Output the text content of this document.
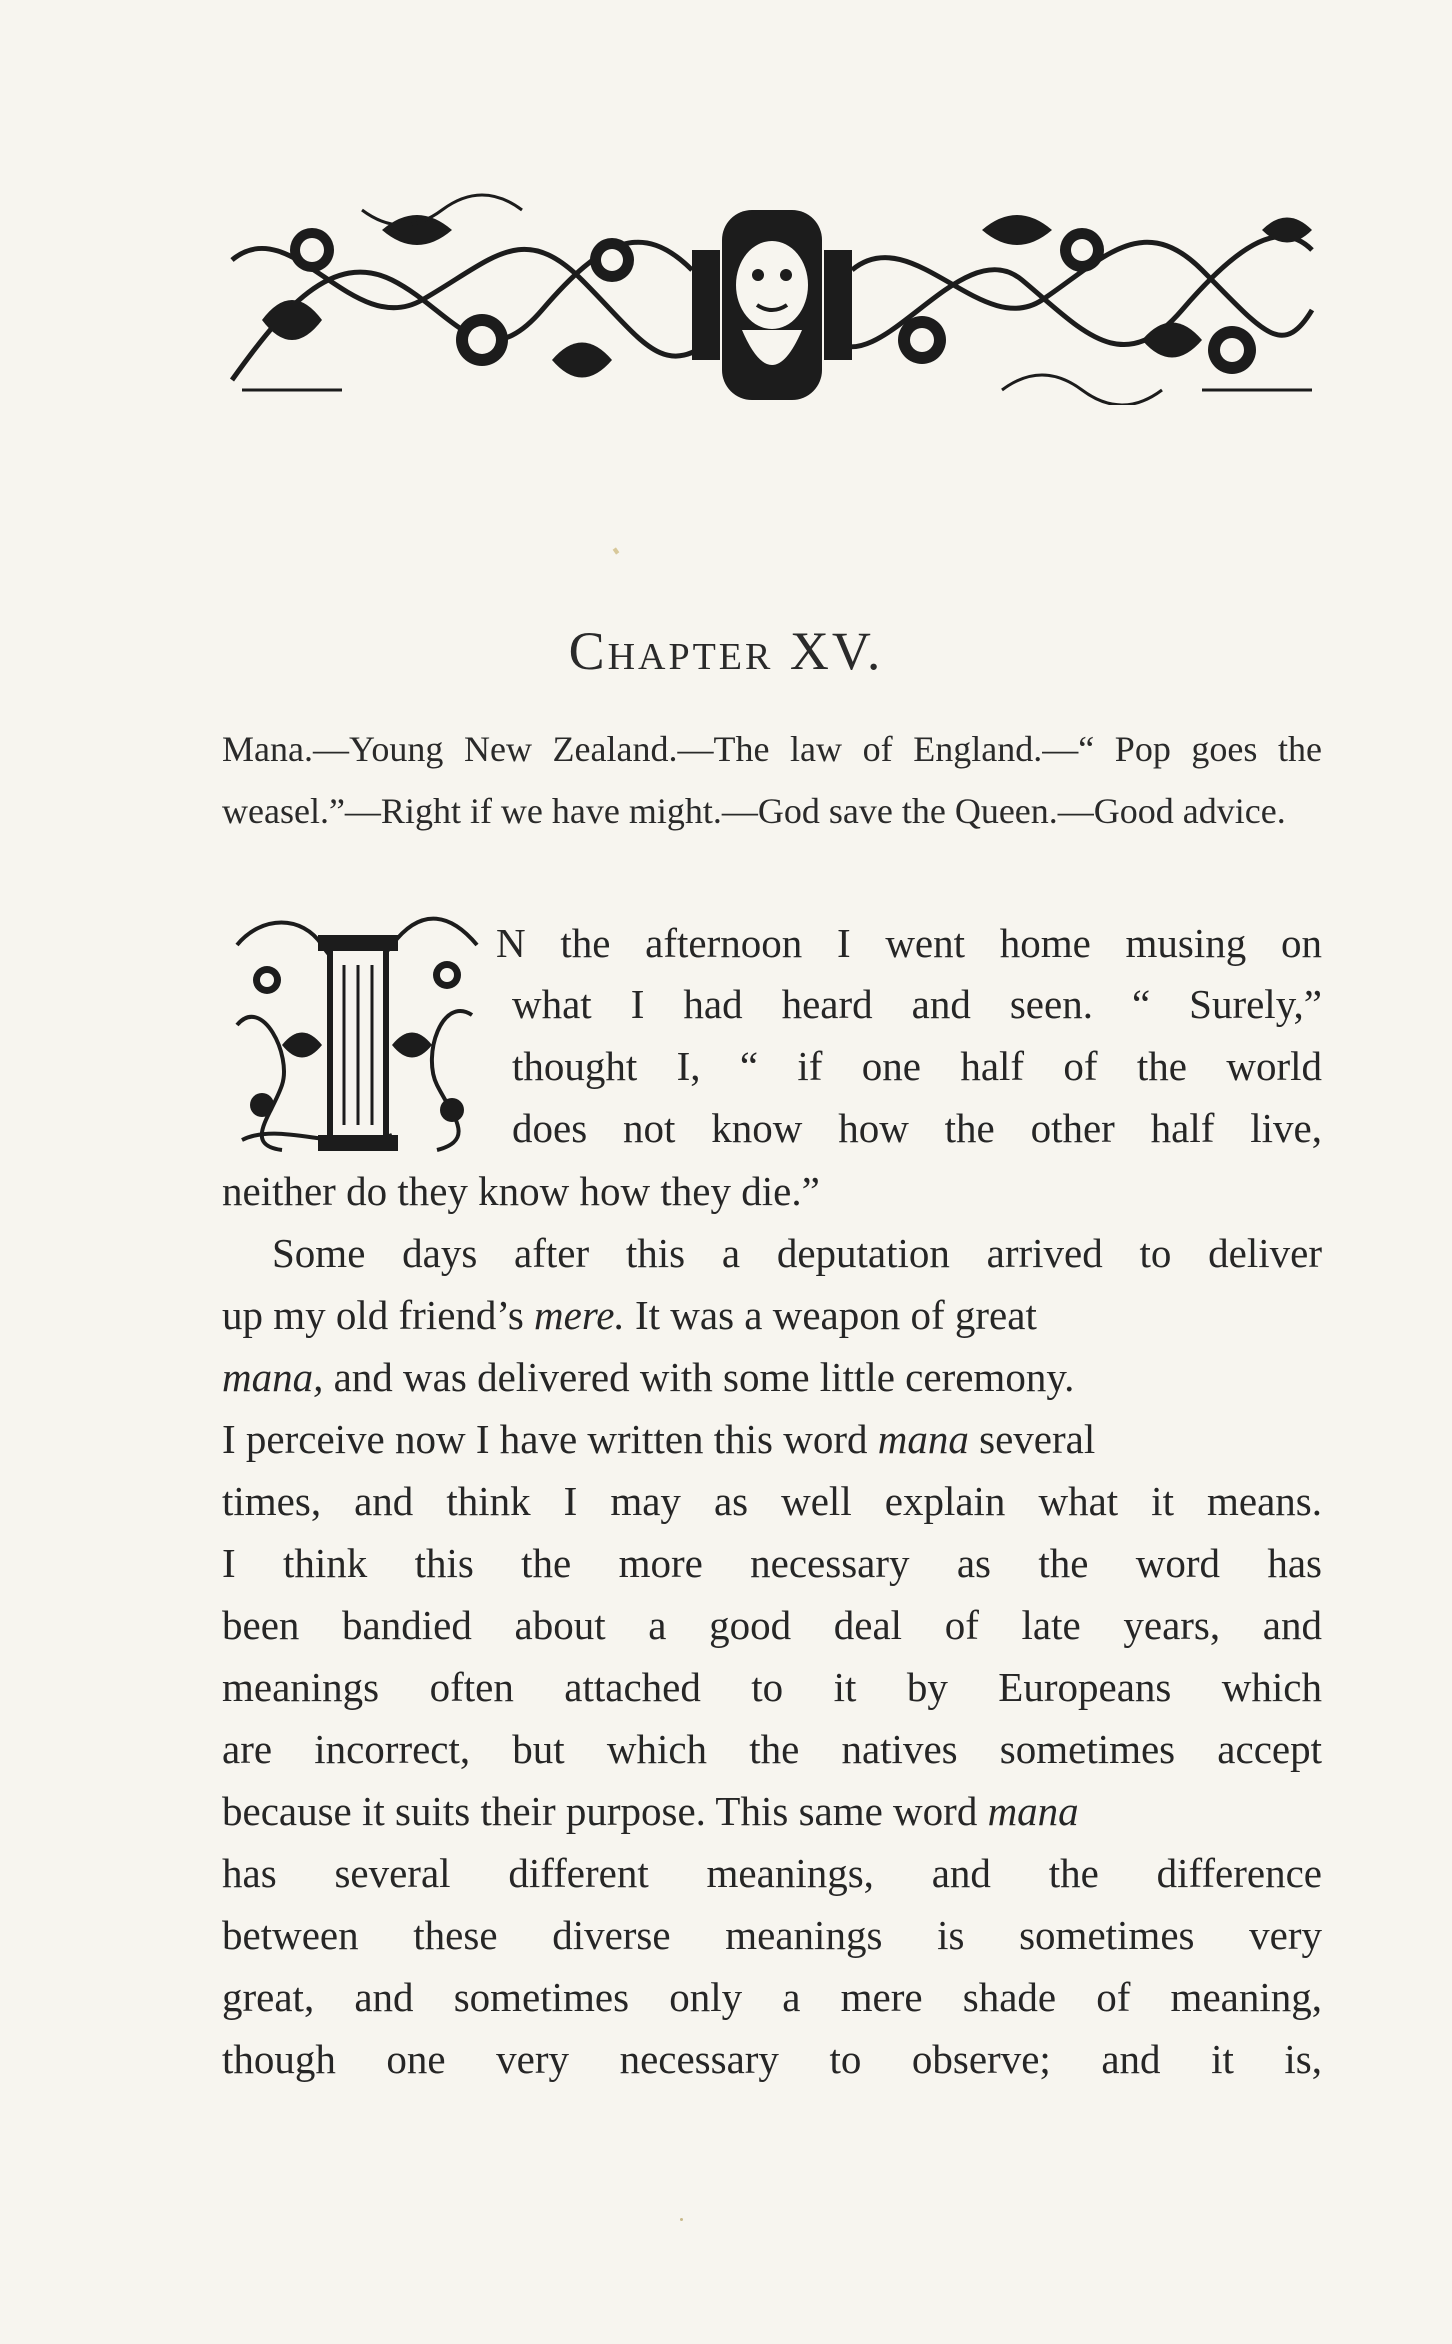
Chapter XV.
Mana.—Young New Zealand.—The law of England.—“ Pop goes the weasel.”—Right if we have might.—God save the Queen.—Good advice.
I
N the afternoon I went home musing on
what I had heard and seen. “ Surely,”
thought I, “ if one half of the world
does not know how the other half live,
neither do they know how they die.”
Some days after this a deputation arrived to deliver
up my old friend’s mere. It was a weapon of great
mana, and was delivered with some little ceremony.
I perceive now I have written this word mana several
times, and think I may as well explain what it means.
I think this the more necessary as the word has
been bandied about a good deal of late years, and
meanings often attached to it by Europeans which
are incorrect, but which the natives sometimes accept
because it suits their purpose. This same word mana
has several different meanings, and the difference
between these diverse meanings is sometimes very
great, and sometimes only a mere shade of meaning,
though one very necessary to observe; and it is,
